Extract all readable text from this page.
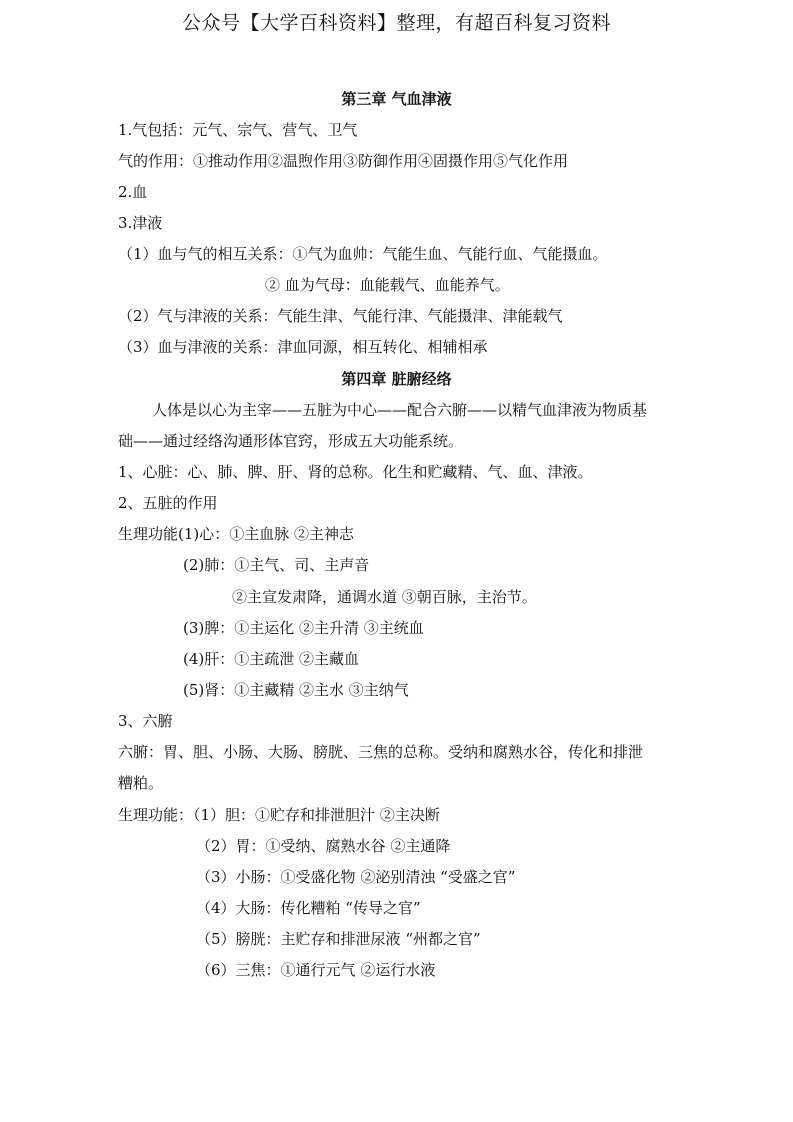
公众号【大学百科资料】整理，有超百科复习资料
第三章 气血津液
1.气包括：元气、宗气、营气、卫气
气的作用：①推动作用②温煦作用③防御作用④固摄作用⑤气化作用
2.血
3.津液
（1）血与气的相互关系：①气为血帅：气能生血、气能行血、气能摄血。
② 血为气母：血能载气、血能养气。
（2）气与津液的关系：气能生津、气能行津、气能摄津、津能载气
（3）血与津液的关系：津血同源，相互转化、相辅相承
第四章 脏腑经络
人体是以心为主宰——五脏为中心——配合六腑——以精气血津液为物质基
础——通过经络沟通形体官窍，形成五大功能系统。
1、心脏：心、肺、脾、肝、肾的总称。化生和贮藏精、气、血、津液。
2、五脏的作用
生理功能(1)心：①主血脉 ②主神志
(2)肺：①主气、司、主声音
②主宣发肃降，通调水道 ③朝百脉，主治节。
(3)脾：①主运化 ②主升清 ③主统血
(4)肝：①主疏泄 ②主藏血
(5)肾：①主藏精 ②主水 ③主纳气
3、六腑
六腑：胃、胆、小肠、大肠、膀胱、三焦的总称。受纳和腐熟水谷，传化和排泄
糟粕。
生理功能：（1）胆：①贮存和排泄胆汁 ②主决断
（2）胃：①受纳、腐熟水谷 ②主通降
（3）小肠：①受盛化物 ②泌别清浊 “受盛之官”
（4）大肠：传化糟粕 “传导之官”
（5）膀胱：主贮存和排泄尿液 “州都之官”
（6）三焦：①通行元气 ②运行水液
